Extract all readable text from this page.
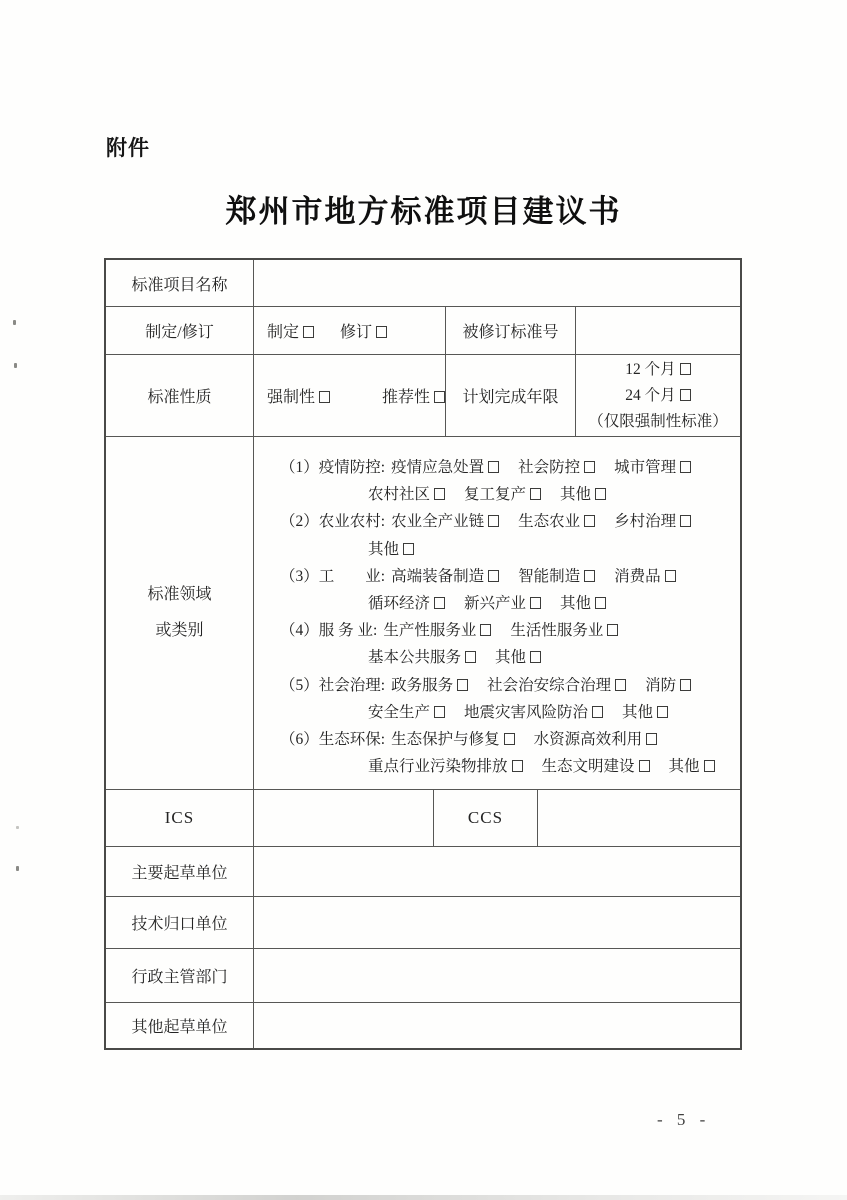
附件
郑州市地方标准项目建议书
标准项目名称
制定/修订	制定	修订	被修订标准号
标准性质	强制性	推荐性	计划完成年限
12 个月
24 个月
（仅限强制性标准）
标准领域
或类别
（1）疫情防控: 疫情应急处置 社会防控 城市管理
农村社区 复工复产 其他
（2）农业农村: 农业全产业链 生态农业 乡村治理
其他
（3）工　　业: 高端装备制造 智能制造 消费品
循环经济 新兴产业 其他
（4）服 务 业: 生产性服务业 生活性服务业
基本公共服务 其他
（5）社会治理: 政务服务 社会治安综合治理 消防
安全生产 地震灾害风险防治 其他
（6）生态环保: 生态保护与修复 水资源高效利用
重点行业污染物排放 生态文明建设 其他
ICS	CCS
主要起草单位
技术归口单位
行政主管部门
其他起草单位
- 5 -
